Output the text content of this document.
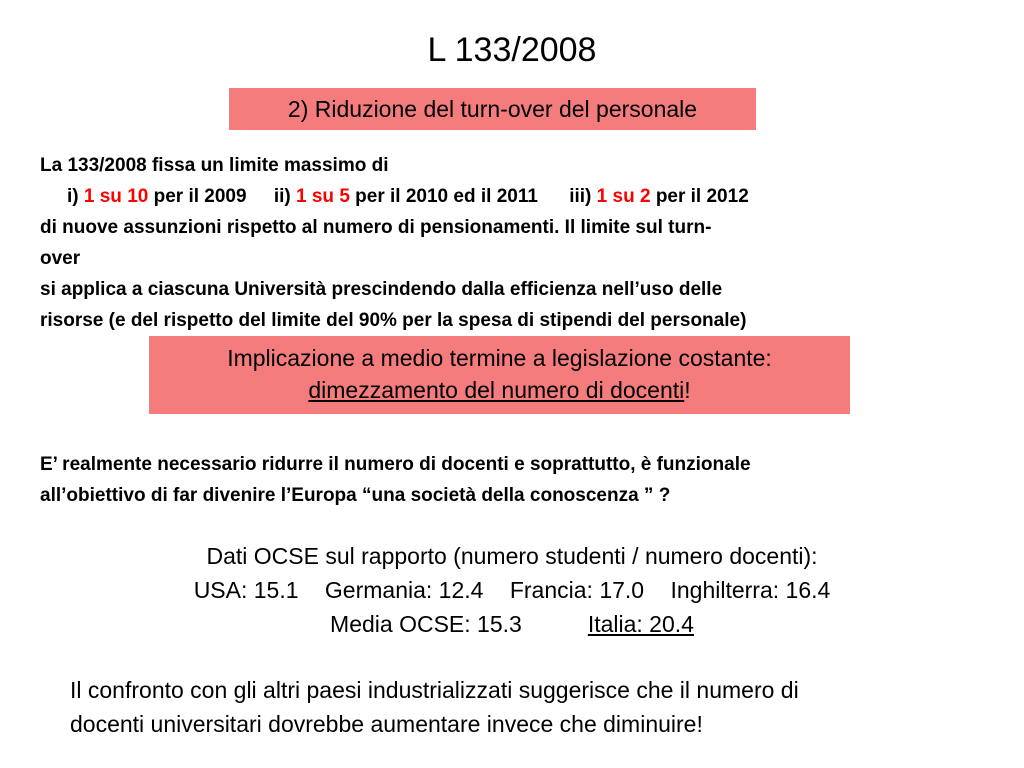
L 133/2008
2) Riduzione del turn-over del personale
La 133/2008 fissa un limite massimo di
i) 1 su 10 per il 2009 ii) 1 su 5 per il 2010 ed il 2011 iii) 1 su 2 per il 2012
di nuove assunzioni rispetto al numero di pensionamenti. Il limite sul turn-
over
si applica a ciascuna Università prescindendo dalla efficienza nell’uso delle
risorse (e del rispetto del limite del 90% per la spesa di stipendi del personale)
Implicazione a medio termine a legislazione costante:
dimezzamento del numero di docenti!
E’ realmente necessario ridurre il numero di docenti e soprattutto, è funzionale
all’obiettivo di far divenire l’Europa “una società della conoscenza ” ?
Dati OCSE sul rapporto (numero studenti / numero docenti):
USA: 15.1 Germania: 12.4 Francia: 17.0 Inghilterra: 16.4
Media OCSE: 15.3	Italia: 20.4
Il confronto con gli altri paesi industrializzati suggerisce che il numero di
docenti universitari dovrebbe aumentare invece che diminuire!
